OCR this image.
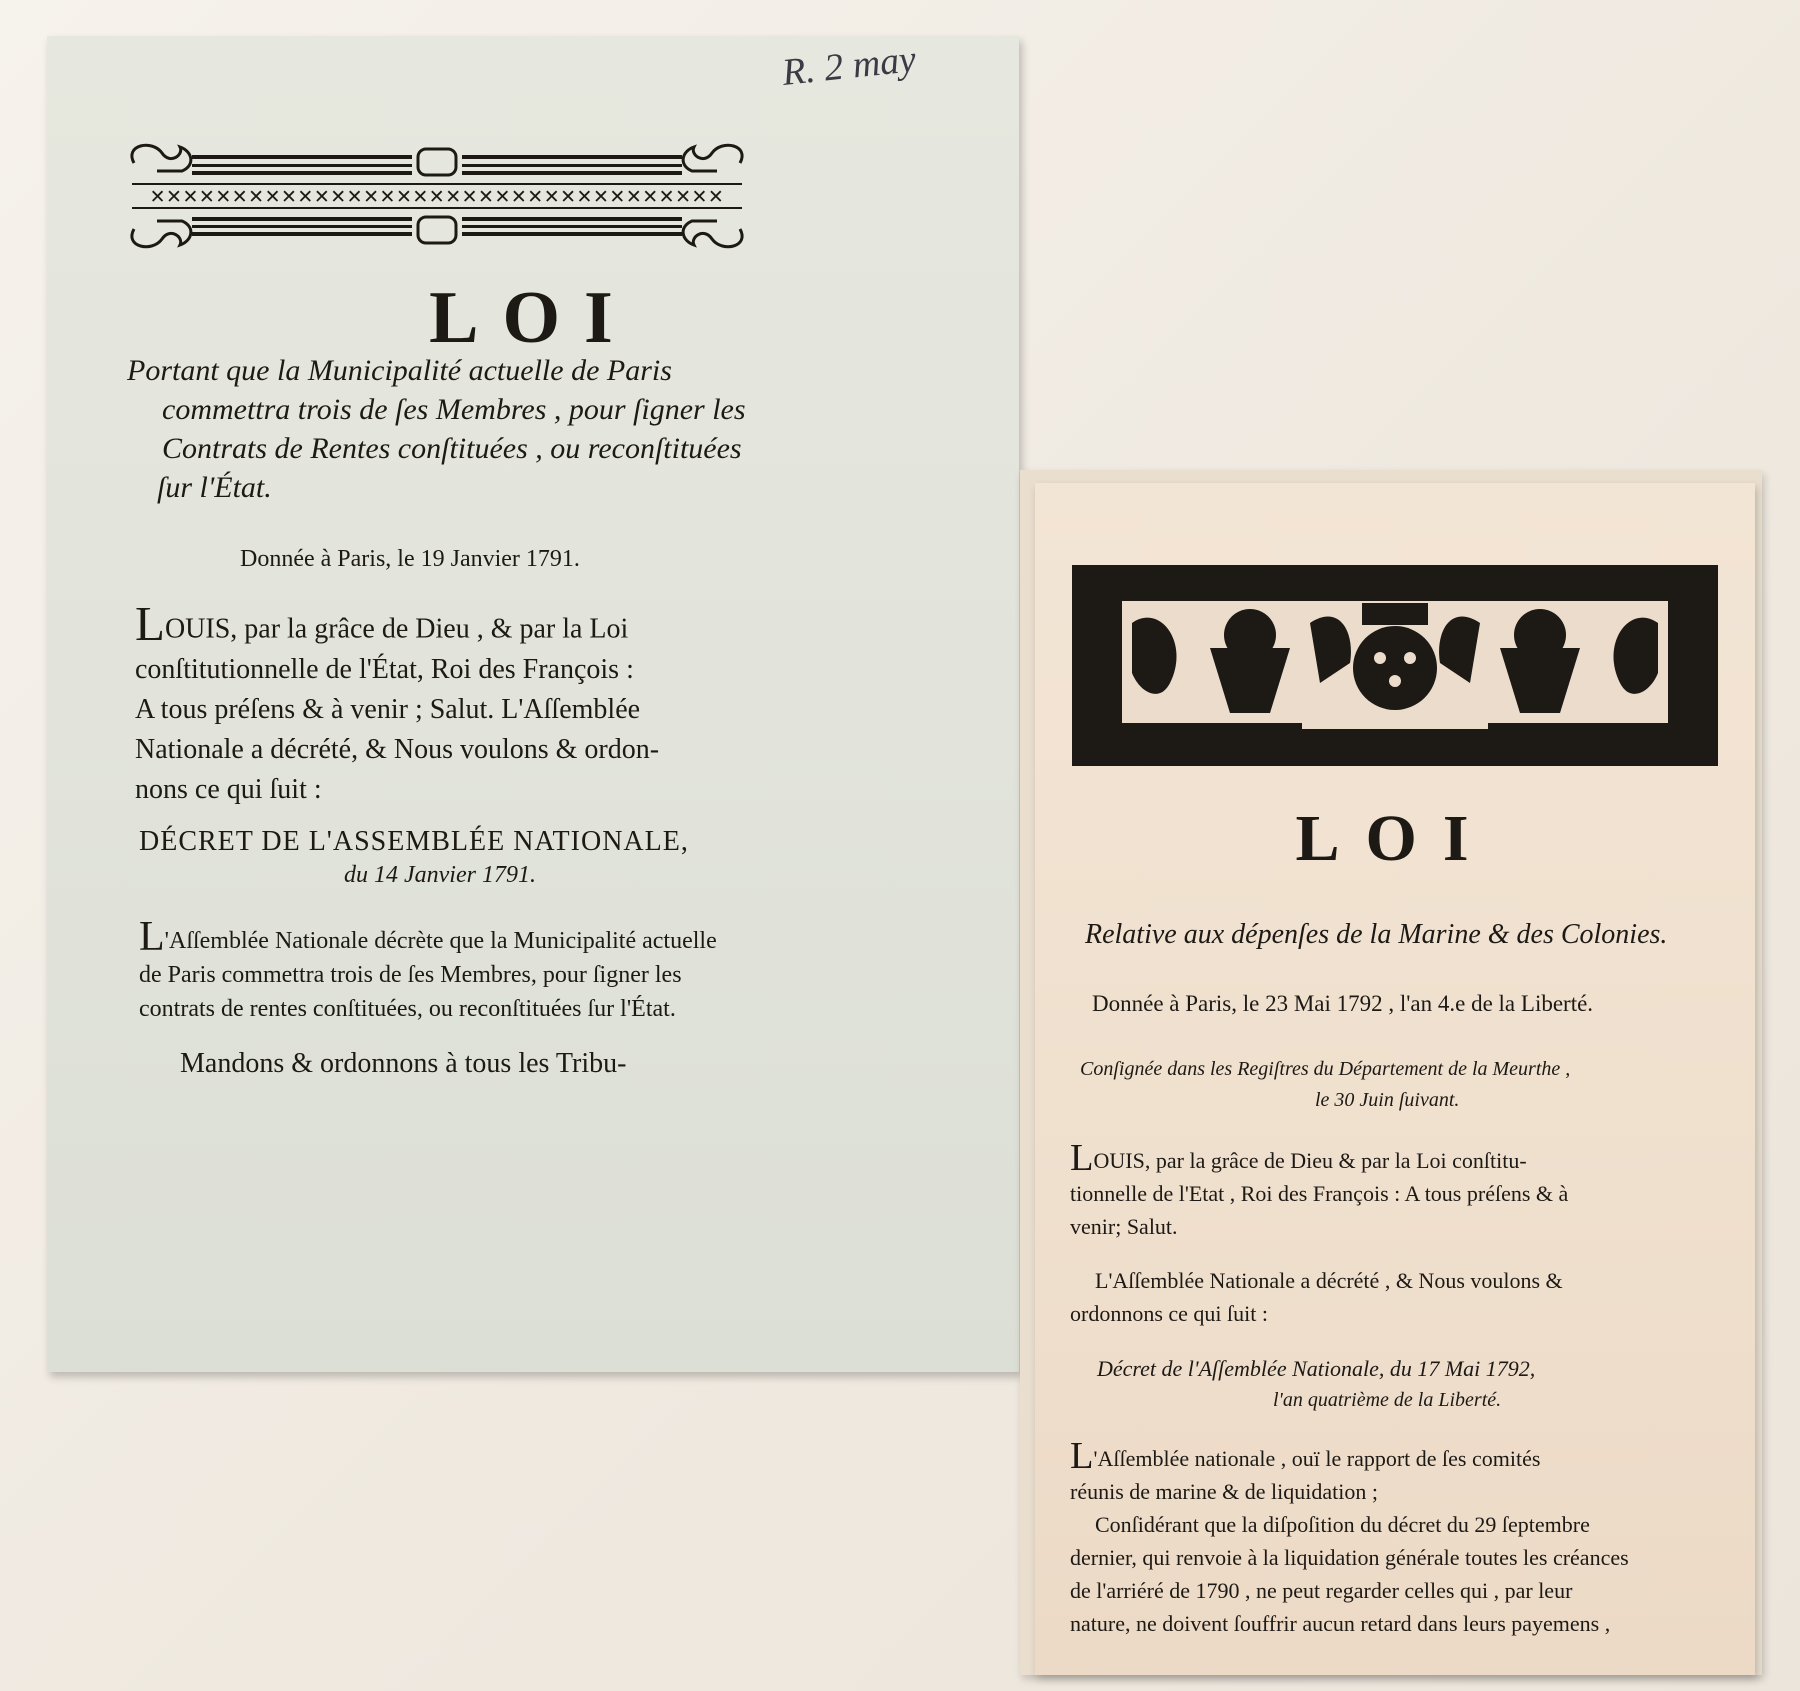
R. 2 may
✕✕✕✕✕✕✕✕✕✕✕✕✕✕✕✕✕✕✕✕✕✕✕✕✕✕✕✕✕✕✕✕✕✕✕
LOI
Portant que la Municipalité actuelle de Paris
commettra trois de ſes Membres , pour ſigner les
Contrats de Rentes conſtituées , ou reconſtituées
ſur l'État.
Donnée à Paris, le 19 Janvier 1791.
LOUIS, par la grâce de Dieu , & par la Loi
conſtitutionnelle de l'État, Roi des François :
A tous préſens & à venir ; Salut. L'Aſſemblée
Nationale a décrété, & Nous voulons & ordon-
nons ce qui ſuit :
DÉCRET DE L'ASSEMBLÉE NATIONALE,
du 14 Janvier 1791.
L'Aſſemblée Nationale décrète que la Municipalité actuelle
de Paris commettra trois de ſes Membres, pour ſigner les
contrats de rentes conſtituées, ou reconſtituées ſur l'État.
Mandons & ordonnons à tous les Tribu-
LOI
Relative aux dépenſes de la Marine & des Colonies.
Donnée à Paris, le 23 Mai 1792 , l'an 4.e de la Liberté.
Conſignée dans les Regiſtres du Département de la Meurthe ,
le 30 Juin ſuivant.
LOUIS, par la grâce de Dieu & par la Loi conſtitu-
tionnelle de l'Etat , Roi des François : A tous préſens & à
venir; Salut.
L'Aſſemblée Nationale a décrété , & Nous voulons &
ordonnons ce qui ſuit :
Décret de l'Aſſemblée Nationale, du 17 Mai 1792,
l'an quatrième de la Liberté.
L'Aſſemblée nationale , ouï le rapport de ſes comités
réunis de marine & de liquidation ;
Conſidérant que la diſpoſition du décret du 29 ſeptembre
dernier, qui renvoie à la liquidation générale toutes les créances
de l'arriéré de 1790 , ne peut regarder celles qui , par leur
nature, ne doivent ſouffrir aucun retard dans leurs payemens ,
